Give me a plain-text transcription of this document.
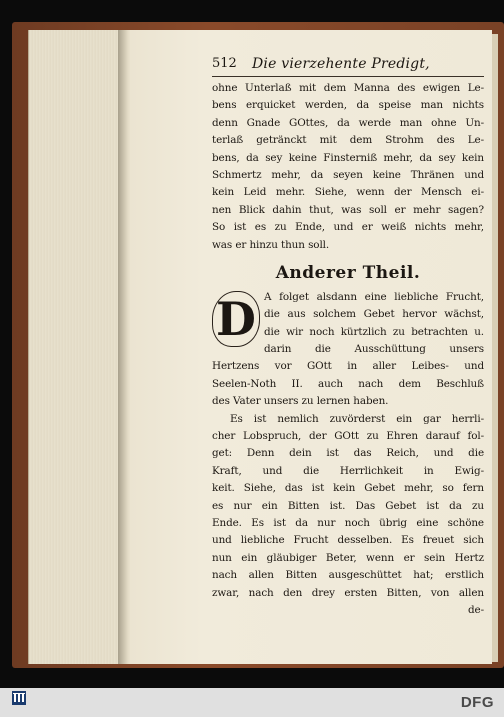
512 Die vierzehente Predigt,
ohne Unterlaß mit dem Manna des ewigen Le-
bens erquicket werden, da speise man nichts
denn Gnade GOttes, da werde man ohne Un-
terlaß getränckt mit dem Strohm des Le-
bens, da sey keine Finsterniß mehr, da sey kein
Schmertz mehr, da seyen keine Thränen und
kein Leid mehr. Siehe, wenn der Mensch ei-
nen Blick dahin thut, was soll er mehr sagen?
So ist es zu Ende, und er weiß nichts mehr,
was er hinzu thun soll.
Anderer Theil.
D A folget alsdann eine liebliche Frucht,
die aus solchem Gebet hervor wächst,
die wir noch kürtzlich zu betrachten u.
darin die Ausschüttung unsers
Hertzens vor GOtt in aller Leibes- und
Seelen-Noth II. auch nach dem Beschluß
des Vater unsers zu lernen haben.
Es ist nemlich zuvörderst ein gar herrli-
cher Lobspruch, der GOtt zu Ehren darauf fol-
get: Denn dein ist das Reich, und die
Kraft, und die Herrlichkeit in Ewig-
keit. Siehe, das ist kein Gebet mehr, so fern
es nur ein Bitten ist. Das Gebet ist da zu
Ende. Es ist da nur noch übrig eine schöne
und liebliche Frucht desselben. Es freuet sich
nun ein gläubiger Beter, wenn er sein Hertz
nach allen Bitten ausgeschüttet hat; erstlich
zwar, nach den drey ersten Bitten, von allen
de-
DFG
